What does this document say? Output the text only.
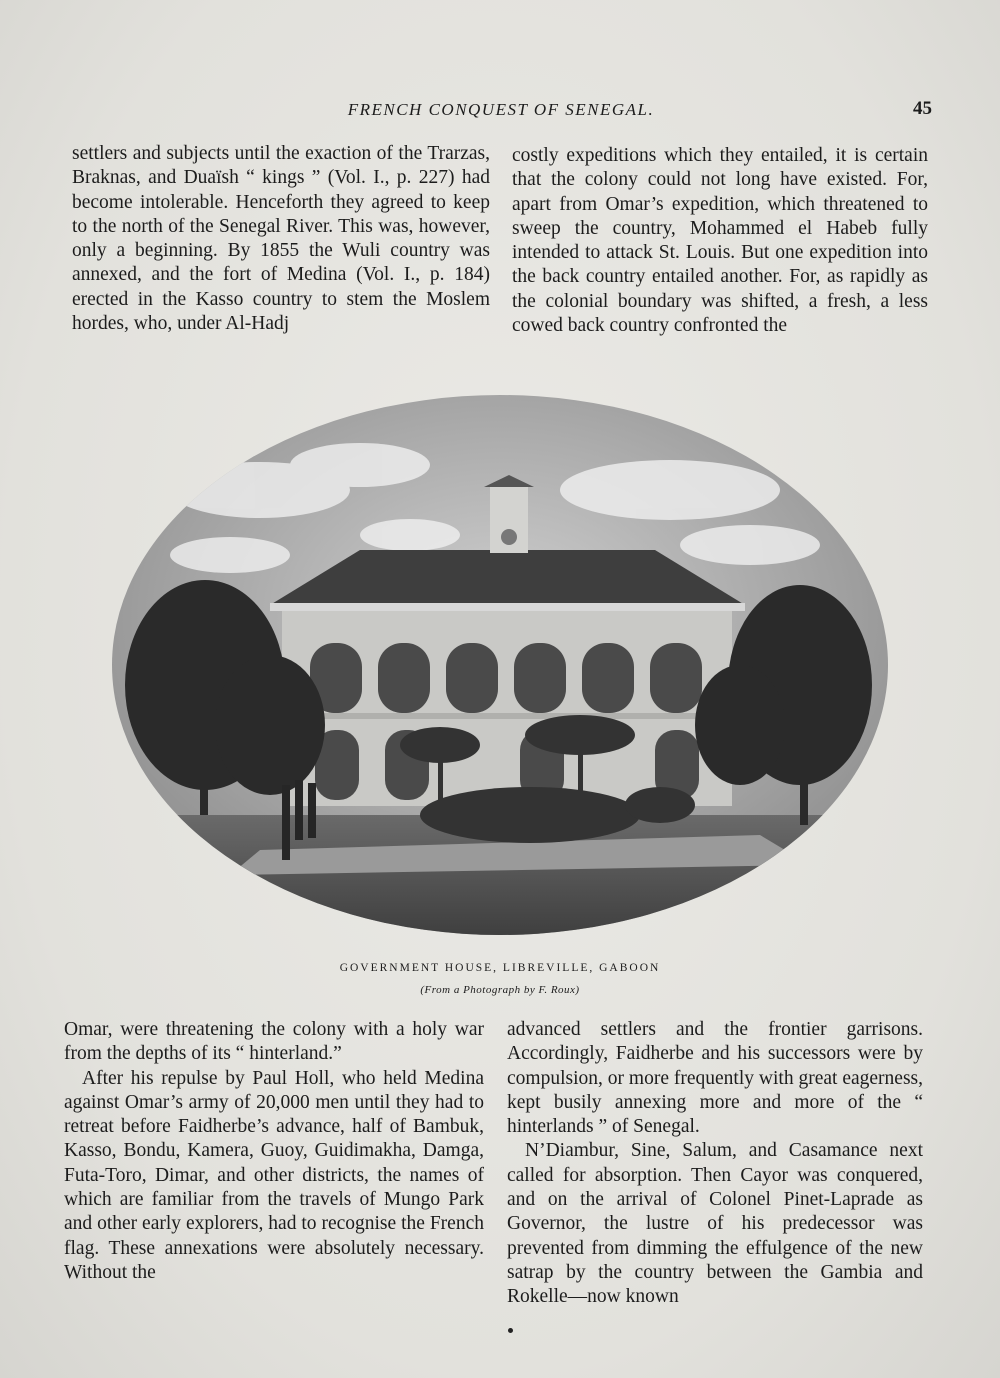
FRENCH CONQUEST OF SENEGAL.	45

settlers and subjects until the exaction of the Trarzas, Braknas, and Duaïsh “ kings ” (Vol. I., p. 227) had become intolerable. Henceforth they agreed to keep to the north of the Senegal River. This was, however, only a beginning. By 1855 the Wuli country was annexed, and the fort of Medina (Vol. I., p. 184) erected in the Kasso country to stem the Moslem hordes, who, under Al-Hadj

costly expeditions which they entailed, it is certain that the colony could not long have existed. For, apart from Omar’s expedition, which threatened to sweep the country, Mohammed el Habeb fully intended to attack St. Louis. But one expedition into the back country entailed another. For, as rapidly as the colonial boundary was shifted, a fresh, a less cowed back country confronted the

GOVERNMENT HOUSE, LIBREVILLE, GABOON
(From a Photograph by F. Roux)

Omar, were threatening the colony with a holy war from the depths of its “ hinterland.”

After his repulse by Paul Holl, who held Medina against Omar’s army of 20,000 men until they had to retreat before Faidherbe’s advance, half of Bambuk, Kasso, Bondu, Kamera, Guoy, Guidimakha, Damga, Futa-Toro, Dimar, and other districts, the names of which are familiar from the travels of Mungo Park and other early explorers, had to recognise the French flag. These annexations were absolutely necessary. Without the

advanced settlers and the frontier garrisons. Accordingly, Faidherbe and his successors were by compulsion, or more frequently with great eagerness, kept busily annexing more and more of the “ hinterlands ” of Senegal.

N’Diambur, Sine, Salum, and Casamance next called for absorption. Then Cayor was conquered, and on the arrival of Colonel Pinet-Laprade as Governor, the lustre of his predecessor was prevented from dimming the effulgence of the new satrap by the country between the Gambia and Rokelle—now known
